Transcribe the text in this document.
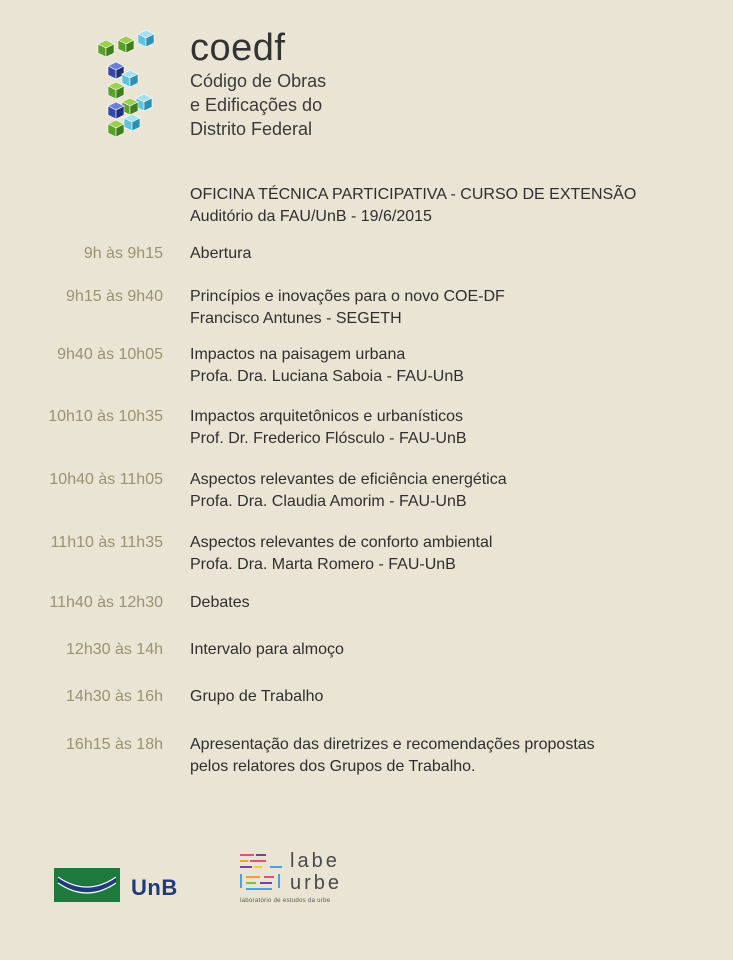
coedf
Código de Obras
e Edificações do
Distrito Federal
OFICINA TÉCNICA PARTICIPATIVA - CURSO DE EXTENSÃO
Auditório da FAU/UnB - 19/6/2015
9h às 9h15 Abertura
9h15 às 9h40 Princípios e inovações para o novo COE-DF
Francisco Antunes - SEGETH
9h40 às 10h05 Impactos na paisagem urbana
Profa. Dra. Luciana Saboia - FAU-UnB
10h10 às 10h35 Impactos arquitetônicos e urbanísticos
Prof. Dr. Frederico Flósculo - FAU-UnB
10h40 às 11h05 Aspectos relevantes de eficiência energética
Profa. Dra. Claudia Amorim - FAU-UnB
11h10 às 11h35 Aspectos relevantes de conforto ambiental
Profa. Dra. Marta Romero - FAU-UnB
11h40 às 12h30 Debates
12h30 às 14h Intervalo para almoço
14h30 às 16h Grupo de Trabalho
16h15 às 18h Apresentação das diretrizes e recomendações propostas
pelos relatores dos Grupos de Trabalho.
UnB
labe
urbe
laboratório de estudos da urbe
